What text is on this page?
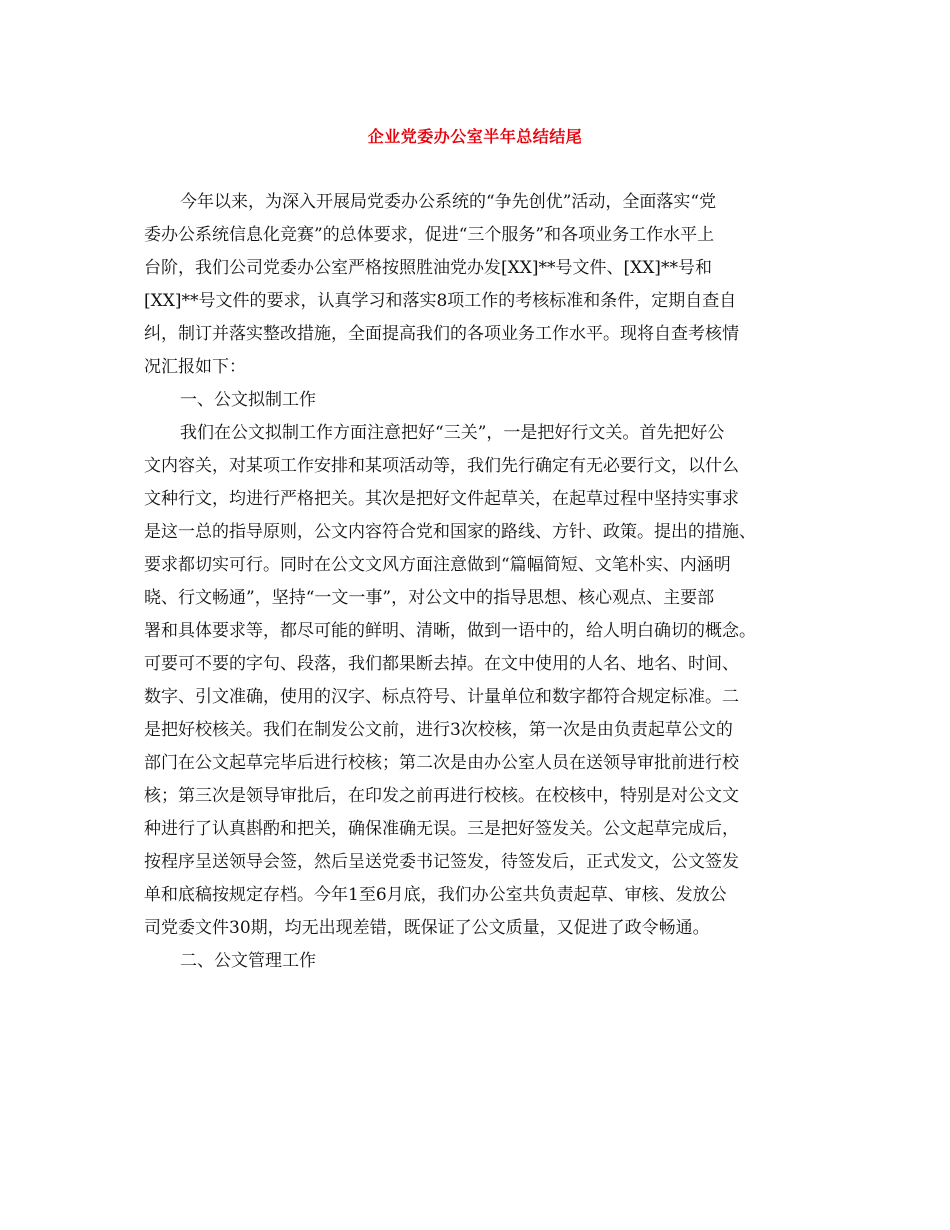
企业党委办公室半年总结结尾
今年以来，为深入开展局党委办公系统的“争先创优”活动，全面落实“党
委办公系统信息化竞赛”的总体要求，促进“三个服务”和各项业务工作水平上
台阶，我们公司党委办公室严格按照胜油党办发[XX]**号文件、[XX]**号和
[XX]**号文件的要求，认真学习和落实8项工作的考核标准和条件，定期自查自
纠，制订并落实整改措施，全面提高我们的各项业务工作水平。现将自查考核情
况汇报如下：
一、公文拟制工作
我们在公文拟制工作方面注意把好“三关”，一是把好行文关。首先把好公
文内容关，对某项工作安排和某项活动等，我们先行确定有无必要行文，以什么
文种行文，均进行严格把关。其次是把好文件起草关，在起草过程中坚持实事求
是这一总的指导原则，公文内容符合党和国家的路线、方针、政策。提出的措施、
要求都切实可行。同时在公文文风方面注意做到“篇幅简短、文笔朴实、内涵明
晓、行文畅通”，坚持“一文一事”，对公文中的指导思想、核心观点、主要部
署和具体要求等，都尽可能的鲜明、清晰，做到一语中的，给人明白确切的概念。
可要可不要的字句、段落，我们都果断去掉。在文中使用的人名、地名、时间、
数字、引文准确，使用的汉字、标点符号、计量单位和数字都符合规定标准。二
是把好校核关。我们在制发公文前，进行3次校核，第一次是由负责起草公文的
部门在公文起草完毕后进行校核；第二次是由办公室人员在送领导审批前进行校
核；第三次是领导审批后，在印发之前再进行校核。在校核中，特别是对公文文
种进行了认真斟酌和把关，确保准确无误。三是把好签发关。公文起草完成后，
按程序呈送领导会签，然后呈送党委书记签发，待签发后，正式发文，公文签发
单和底稿按规定存档。今年1至6月底，我们办公室共负责起草、审核、发放公
司党委文件30期，均无出现差错，既保证了公文质量，又促进了政令畅通。
二、公文管理工作
